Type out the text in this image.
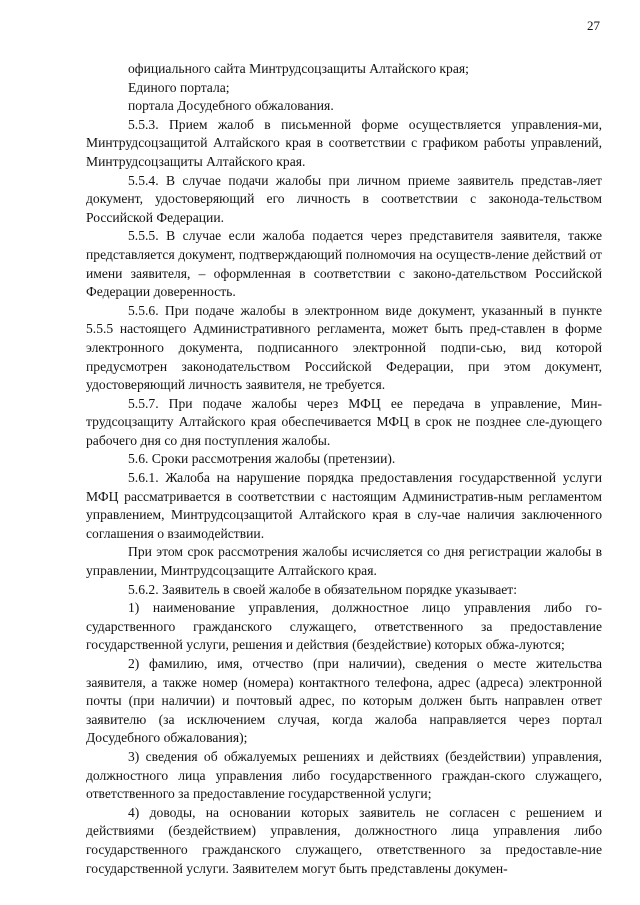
27

официального сайта Минтрудсоцзащиты Алтайского края;

Единого портала;

портала Досудебного обжалования.

5.5.3. Прием жалоб в письменной форме осуществляется управления-ми, Минтрудсоцзащитой Алтайского края в соответствии с графиком работы управлений, Минтрудсоцзащиты Алтайского края.

5.5.4. В случае подачи жалобы при личном приеме заявитель представ-ляет документ, удостоверяющий его личность в соответствии с законода-тельством Российской Федерации.

5.5.5. В случае если жалоба подается через представителя заявителя, также представляется документ, подтверждающий полномочия на осуществ-ление действий от имени заявителя, – оформленная в соответствии с законо-дательством Российской Федерации доверенность.

5.5.6. При подаче жалобы в электронном виде документ, указанный в пункте 5.5.5 настоящего Административного регламента, может быть пред-ставлен в форме электронного документа, подписанного электронной подпи-сью, вид которой предусмотрен законодательством Российской Федерации, при этом документ, удостоверяющий личность заявителя, не требуется.

5.5.7. При подаче жалобы через МФЦ ее передача в управление, Мин-трудсоцзащиту Алтайского края обеспечивается МФЦ в срок не позднее сле-дующего рабочего дня со дня поступления жалобы.

5.6. Сроки рассмотрения жалобы (претензии).

5.6.1. Жалоба на нарушение порядка предоставления государственной услуги МФЦ рассматривается в соответствии с настоящим Административ-ным регламентом управлением, Минтрудсоцзащитой Алтайского края в слу-чае наличия заключенного соглашения о взаимодействии.

При этом срок рассмотрения жалобы исчисляется со дня регистрации жалобы в управлении, Минтрудсоцзащите Алтайского края.

5.6.2. Заявитель в своей жалобе в обязательном порядке указывает:

1) наименование управления, должностное лицо управления либо го-сударственного гражданского служащего, ответственного за предоставление государственной услуги, решения и действия (бездействие) которых обжа-луются;

2) фамилию, имя, отчество (при наличии), сведения о месте жительства заявителя, а также номер (номера) контактного телефона, адрес (адреса) электронной почты (при наличии) и почтовый адрес, по которым должен быть направлен ответ заявителю (за исключением случая, когда жалоба направляется через портал Досудебного обжалования);

3) сведения об обжалуемых решениях и действиях (бездействии) управления, должностного лица управления либо государственного граждан-ского служащего, ответственного за предоставление государственной услуги;

4) доводы, на основании которых заявитель не согласен с решением и действиями (бездействием) управления, должностного лица управления либо государственного гражданского служащего, ответственного за предоставле-ние государственной услуги. Заявителем могут быть представлены докумен-
